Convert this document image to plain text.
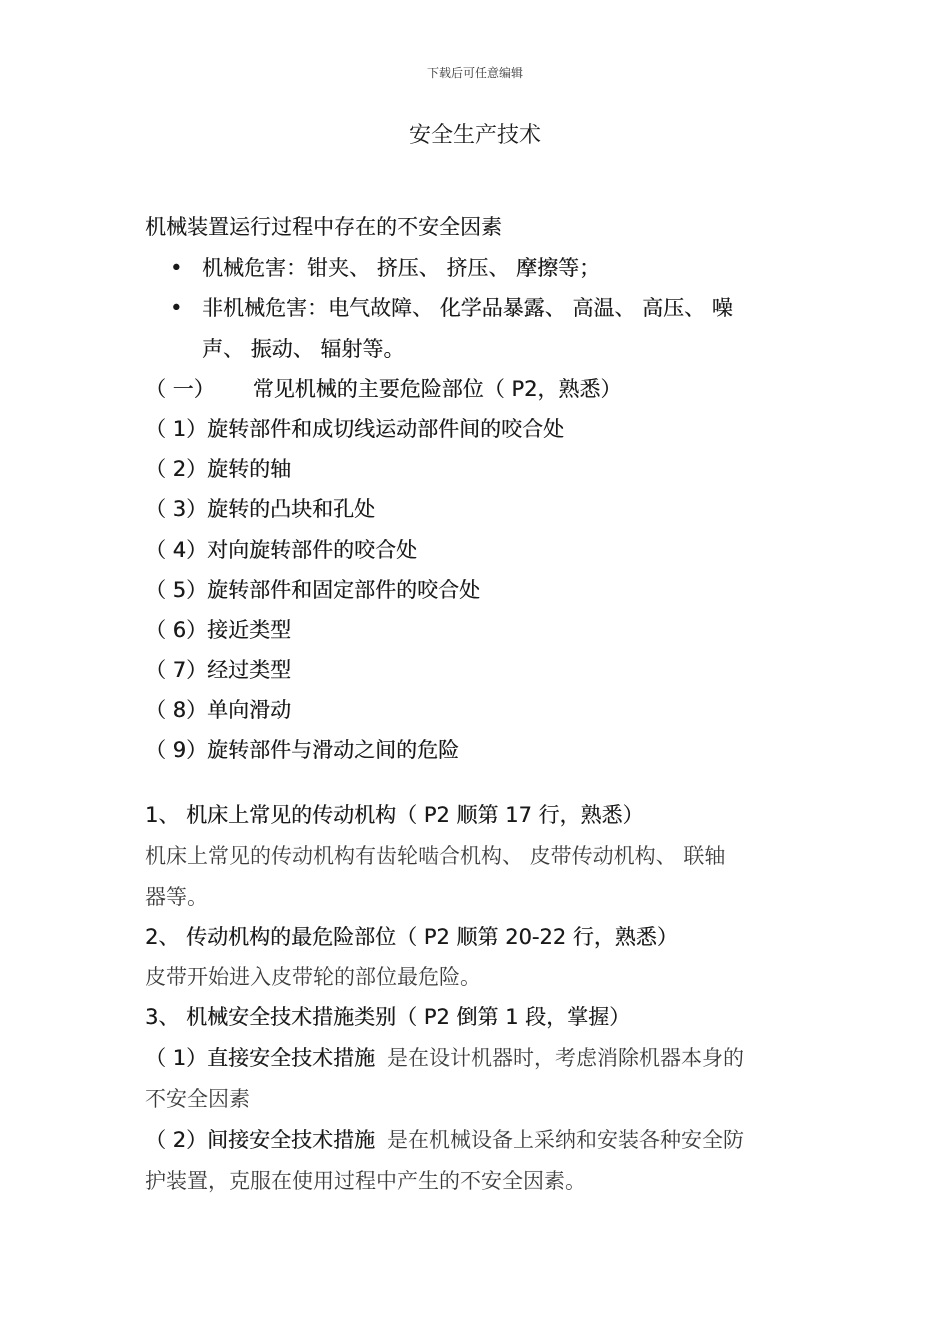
下载后可任意编辑
安全生产技术
机械装置运行过程中存在的不安全因素
• 机械危害：钳夹、 挤压、 挤压、 摩擦等；
• 非机械危害：电气故障、 化学品暴露、 高温、 高压、 噪
声、 振动、 辐射等。
（ 一） 常见机械的主要危险部位（ P2，熟悉）
（ 1）旋转部件和成切线运动部件间的咬合处
（ 2）旋转的轴
（ 3）旋转的凸块和孔处
（ 4）对向旋转部件的咬合处
（ 5）旋转部件和固定部件的咬合处
（ 6）接近类型
（ 7）经过类型
（ 8）单向滑动
（ 9）旋转部件与滑动之间的危险
1、 机床上常见的传动机构（ P2 顺第 17 行，熟悉）
机床上常见的传动机构有齿轮啮合机构、 皮带传动机构、 联轴
器等。
2、 传动机构的最危险部位（ P2 顺第 20-22 行，熟悉）
皮带开始进入皮带轮的部位最危险。
3、 机械安全技术措施类别（ P2 倒第 1 段，掌握）
（ 1）直接安全技术措施 是在设计机器时，考虑消除机器本身的
不安全因素
（ 2）间接安全技术措施 是在机械设备上采纳和安装各种安全防
护装置，克服在使用过程中产生的不安全因素。
